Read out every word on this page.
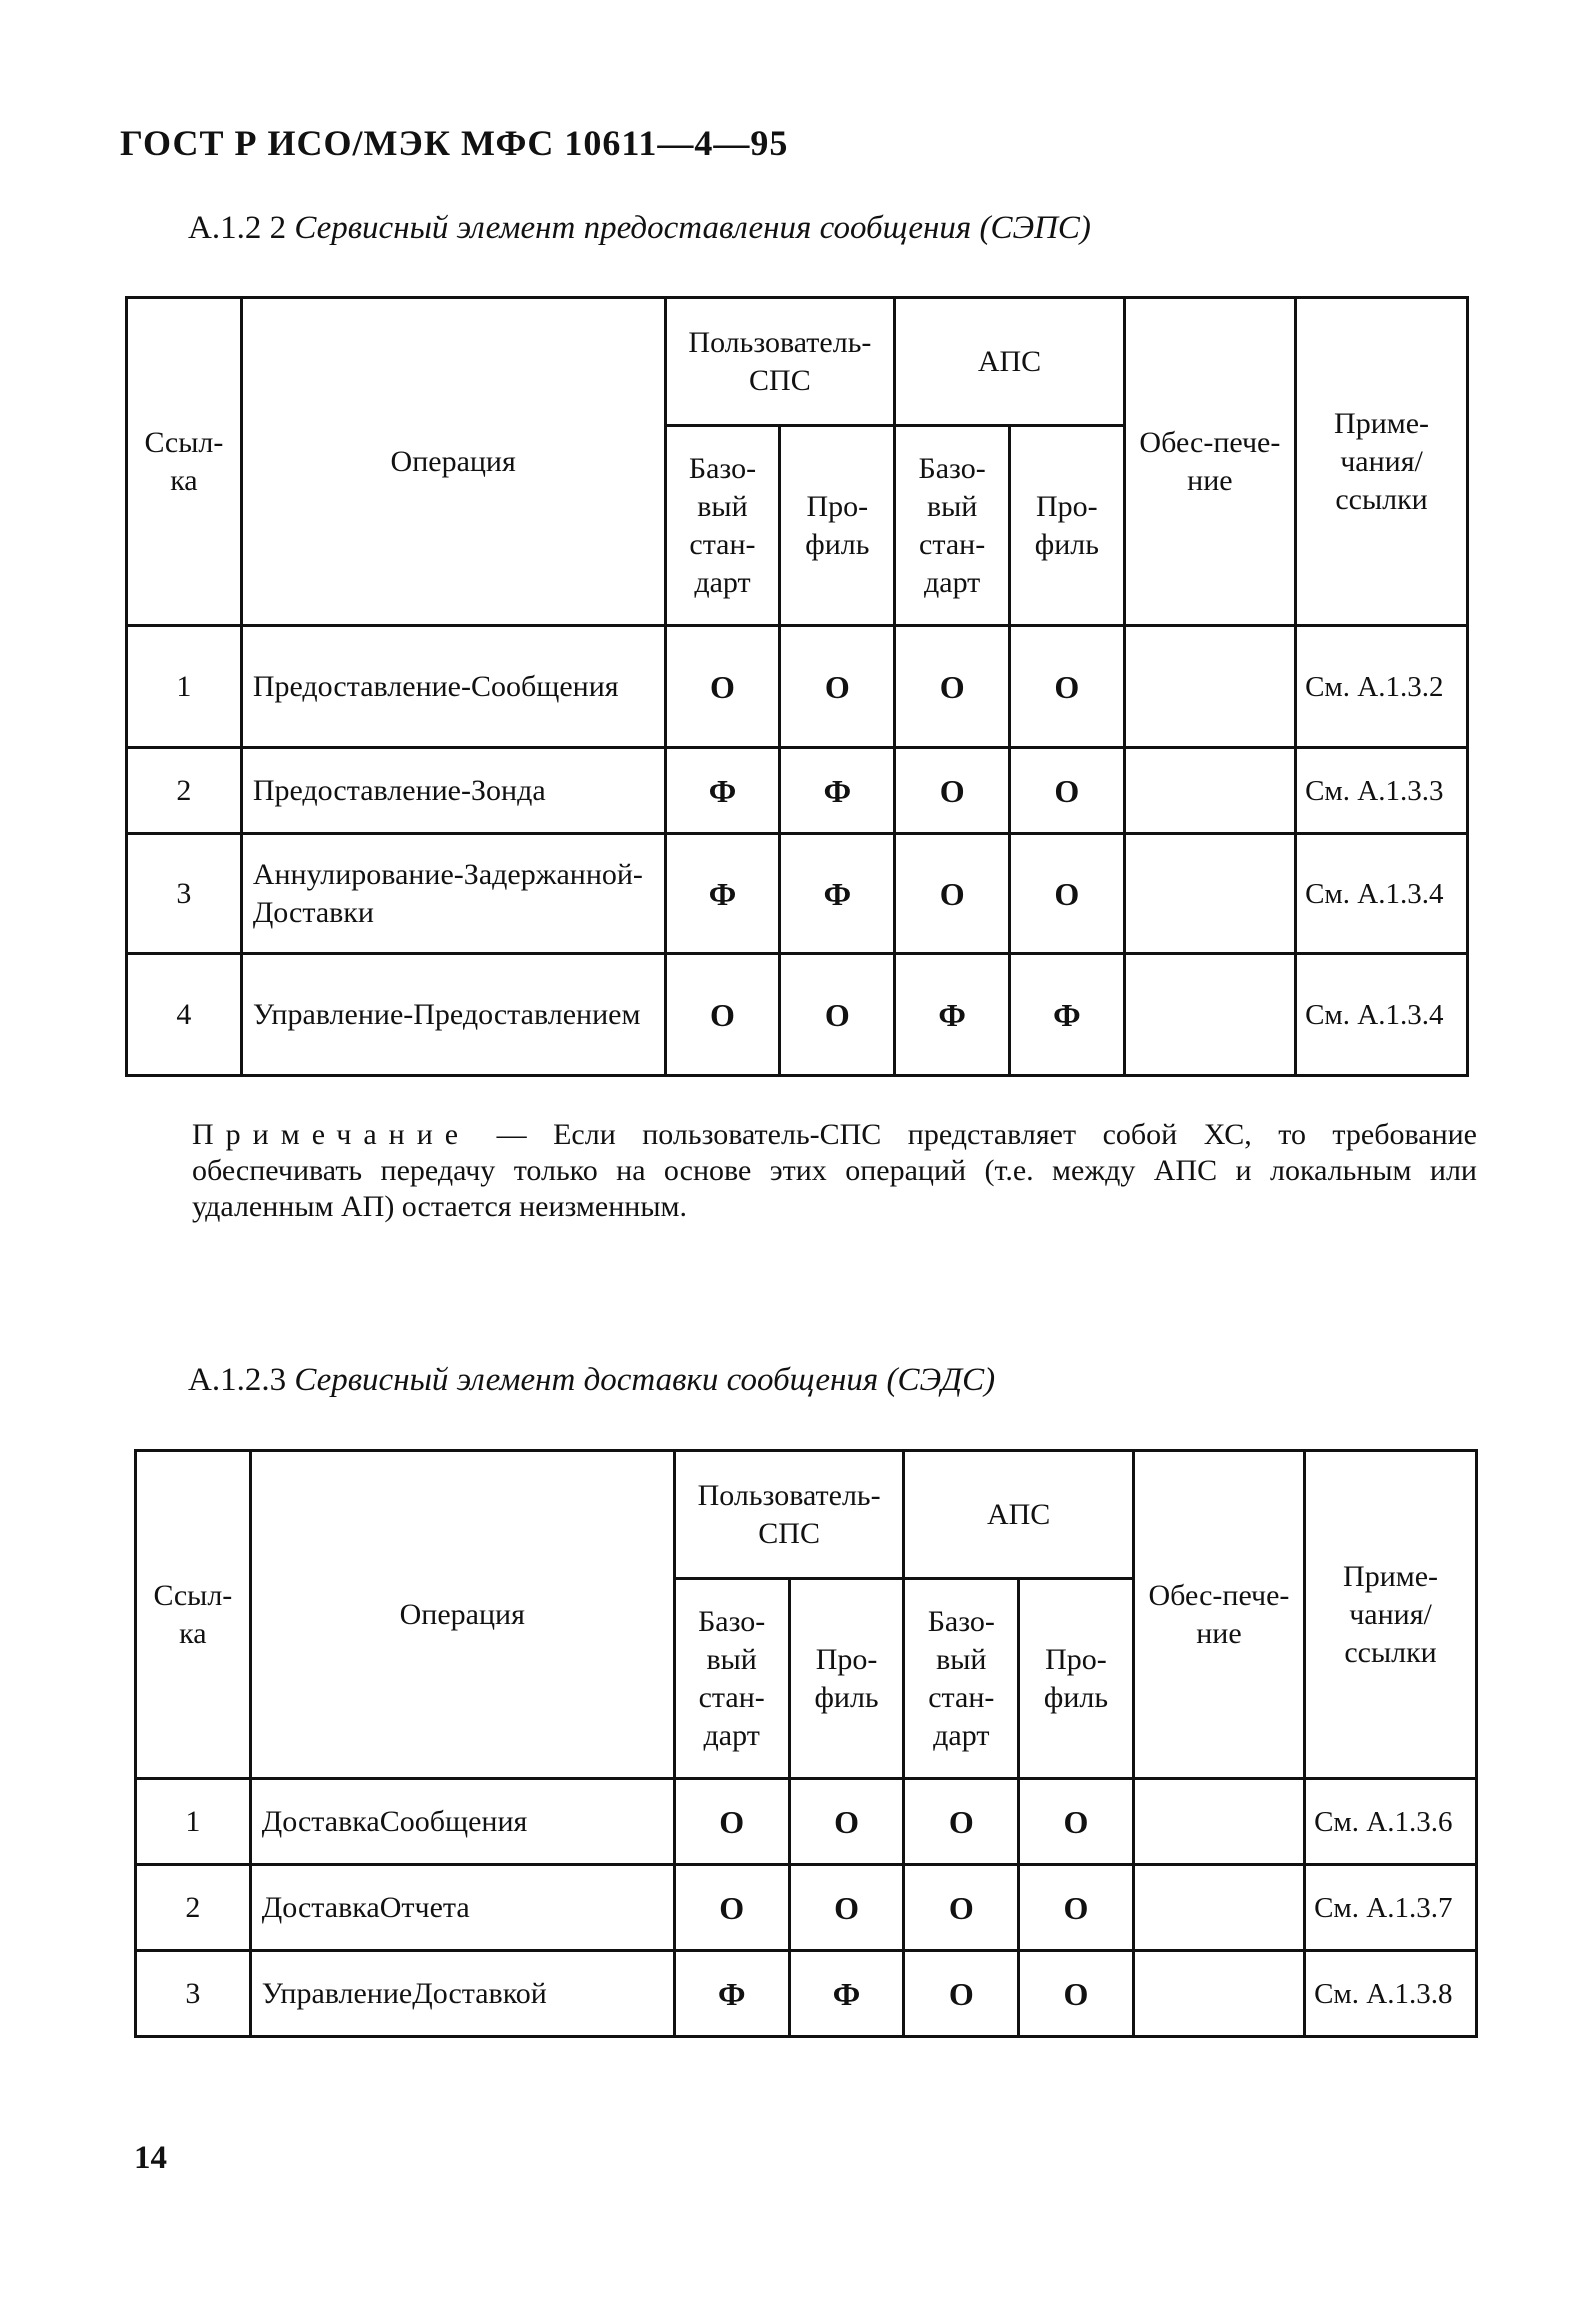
ГОСТ Р ИСО/МЭК МФС 10611—4—95
А.1.2 2 Сервисный элемент предоставления сообщения (СЭПС)
Ссыл-ка	Операция	Пользователь-СПС		АПС		Обес-пече-ние	Приме-чания/ ссылки
		Базо-вый стан-дарт	Про-филь	Базо-вый стан-дарт	Про-филь		
1	Предоставление-Сообщения	О	О	О	О		См. А.1.3.2
2	Предоставление-Зонда	Ф	Ф	О	О		См. А.1.3.3
3	Аннулирование-Задержанной-Доставки	Ф	Ф	О	О		См. А.1.3.4
4	Управление-Предоставлением	О	О	Ф	Ф		См. А.1.3.4
Примечание — Если пользователь-СПС представляет собой ХС, то требование обеспечивать передачу только на основе этих операций (т.е. между АПС и локальным или удаленным АП) остается неизменным.
А.1.2.3 Сервисный элемент доставки сообщения (СЭДС)
Ссыл-ка	Операция	Пользователь-СПС		АПС		Обес-пече-ние	Приме-чания/ ссылки
		Базо-вый стан-дарт	Про-филь	Базо-вый стан-дарт	Про-филь		
1	ДоставкаСообщения	О	О	О	О		См. А.1.3.6
2	ДоставкаОтчета	О	О	О	О		См. А.1.3.7
3	УправлениеДоставкой	Ф	Ф	О	О		См. А.1.3.8
14
